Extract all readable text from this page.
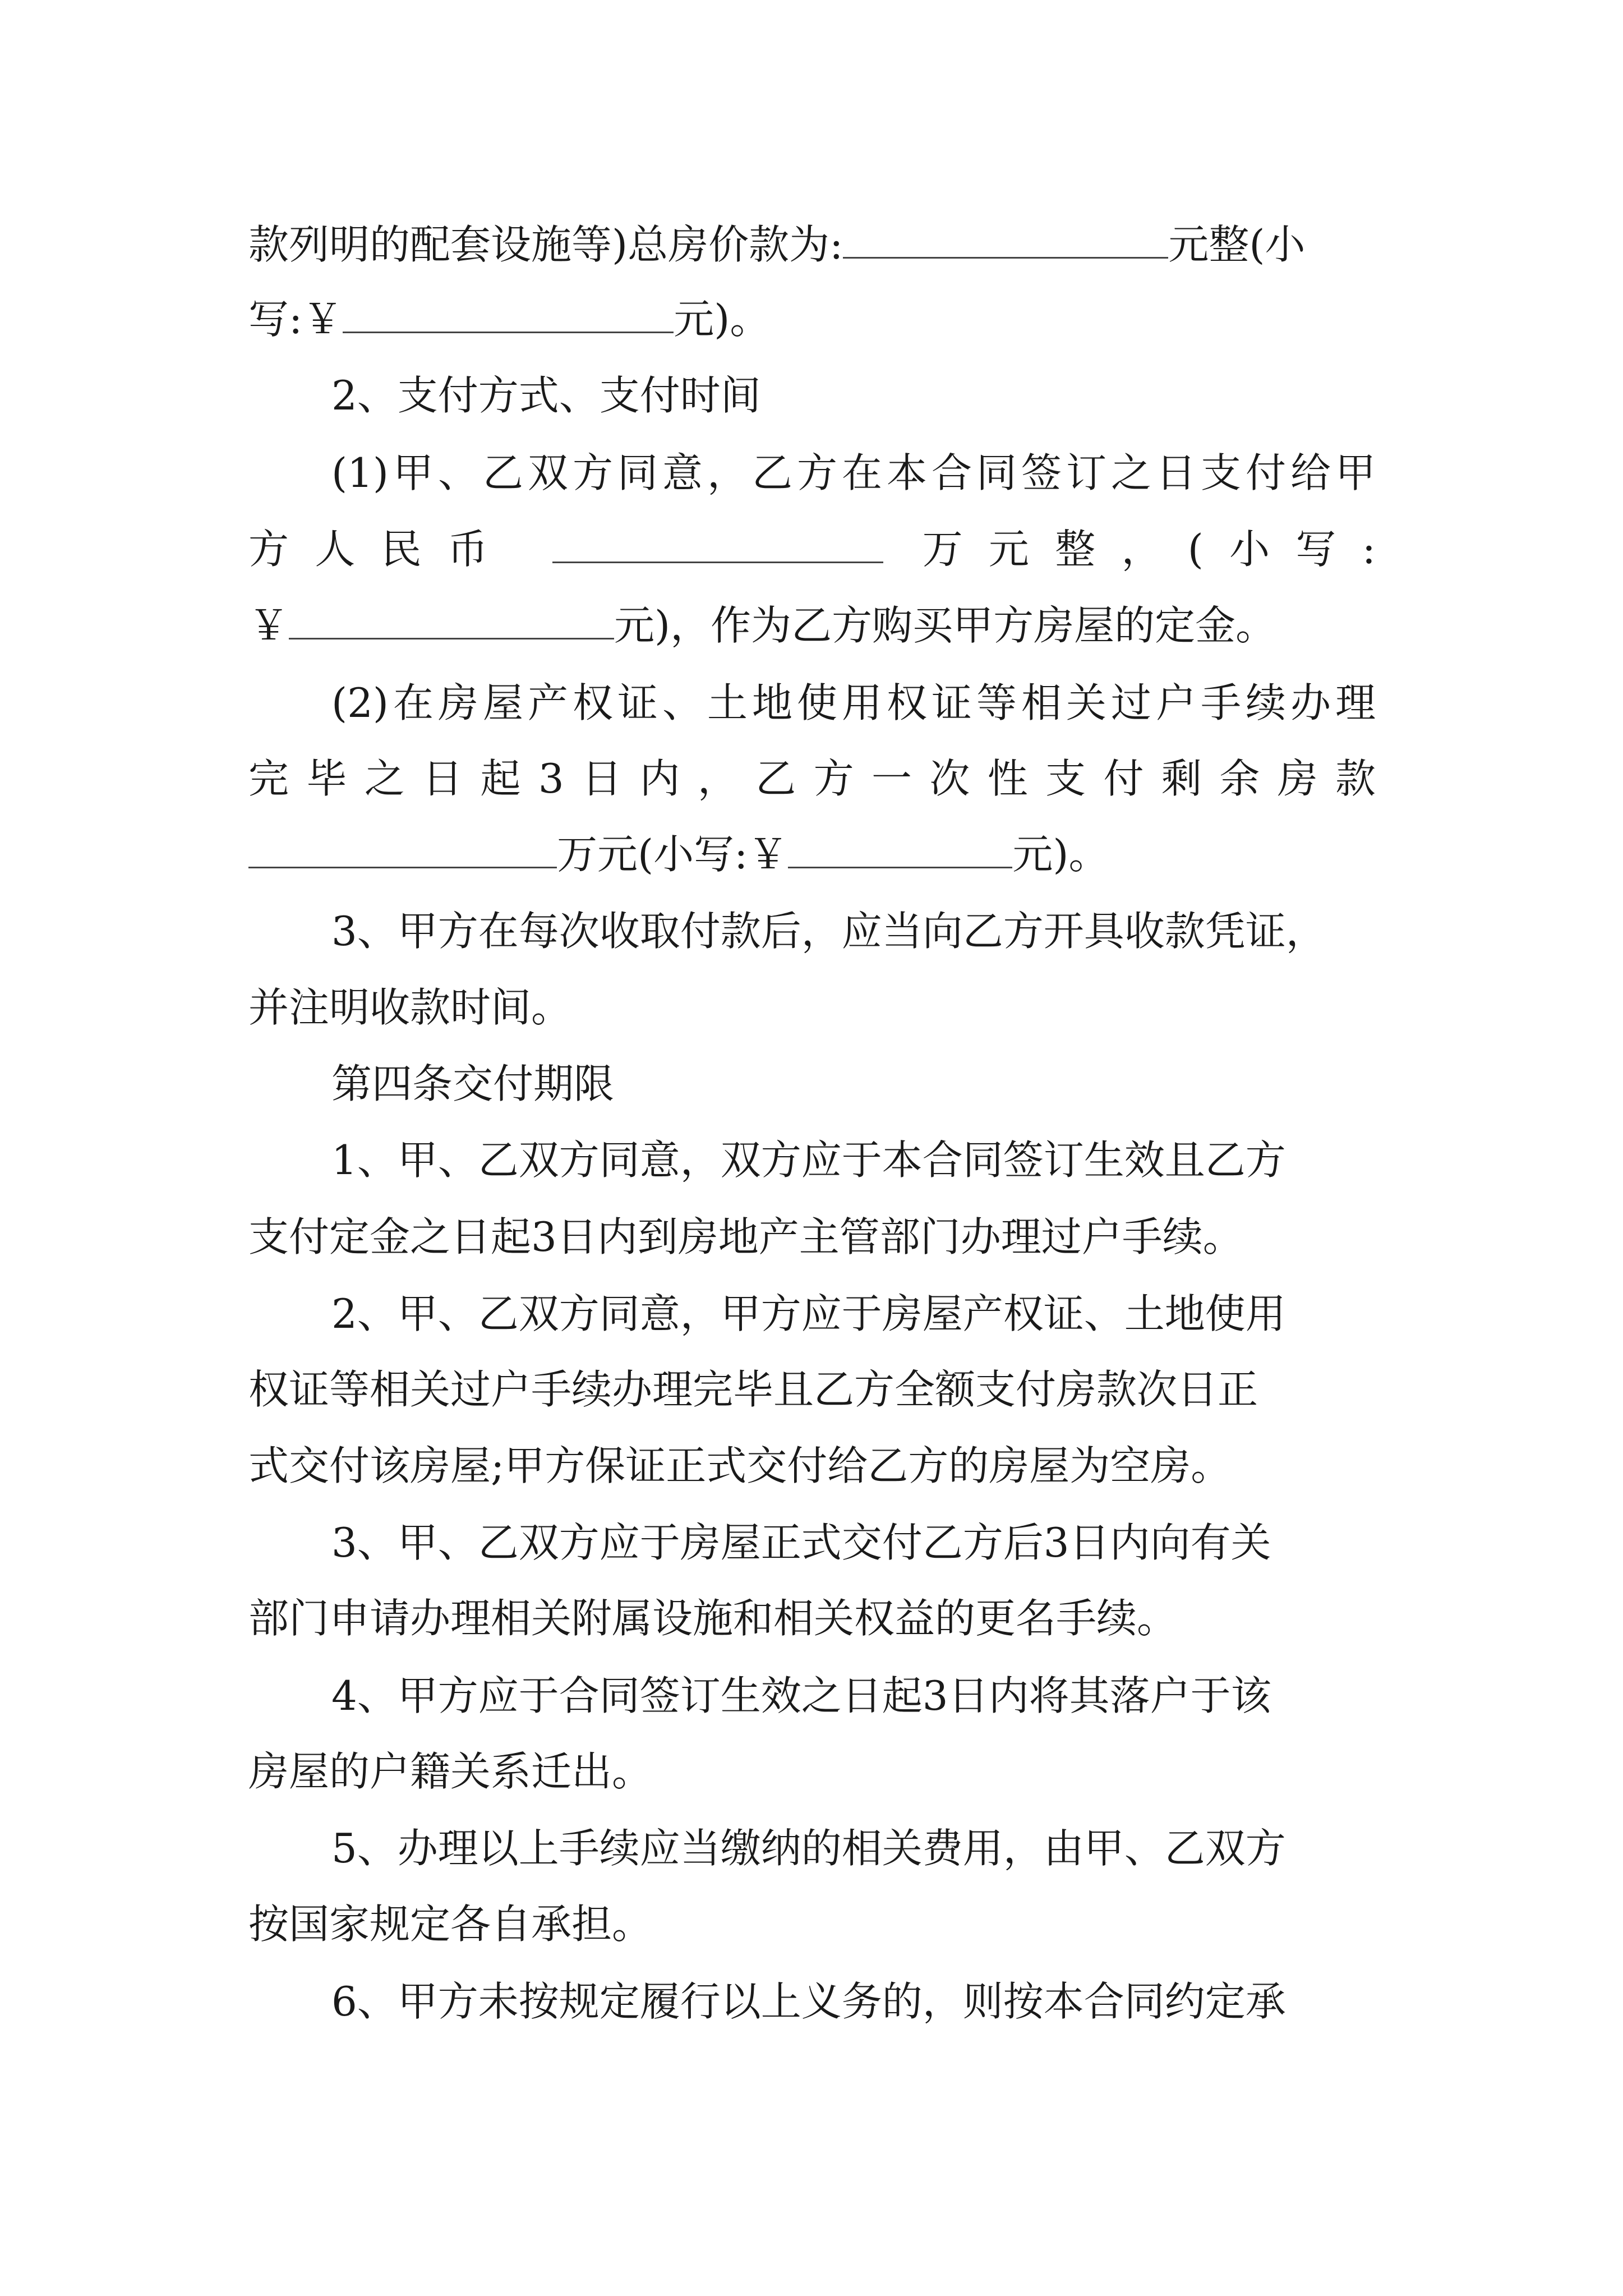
款列明的配套设施等)总房价款为:	元整(小
写:￥	元)。
2、支付方式、支付时间
(1)甲、乙双方同意，乙方在本合同签订之日支付给甲
方人民币	万元整，(小写:
￥	元)，作为乙方购买甲方房屋的定金。
(2)在房屋产权证、土地使用权证等相关过户手续办理
完毕之日起3日内，乙方一次性支付剩余房款
万元(小写:￥	元)。
3、甲方在每次收取付款后，应当向乙方开具收款凭证，
并注明收款时间。
第四条交付期限
1、甲、乙双方同意，双方应于本合同签订生效且乙方
支付定金之日起3日内到房地产主管部门办理过户手续。
2、甲、乙双方同意，甲方应于房屋产权证、土地使用
权证等相关过户手续办理完毕且乙方全额支付房款次日正
式交付该房屋;甲方保证正式交付给乙方的房屋为空房。
3、甲、乙双方应于房屋正式交付乙方后3日内向有关
部门申请办理相关附属设施和相关权益的更名手续。
4、甲方应于合同签订生效之日起3日内将其落户于该
房屋的户籍关系迁出。
5、办理以上手续应当缴纳的相关费用，由甲、乙双方
按国家规定各自承担。
6、甲方未按规定履行以上义务的，则按本合同约定承
